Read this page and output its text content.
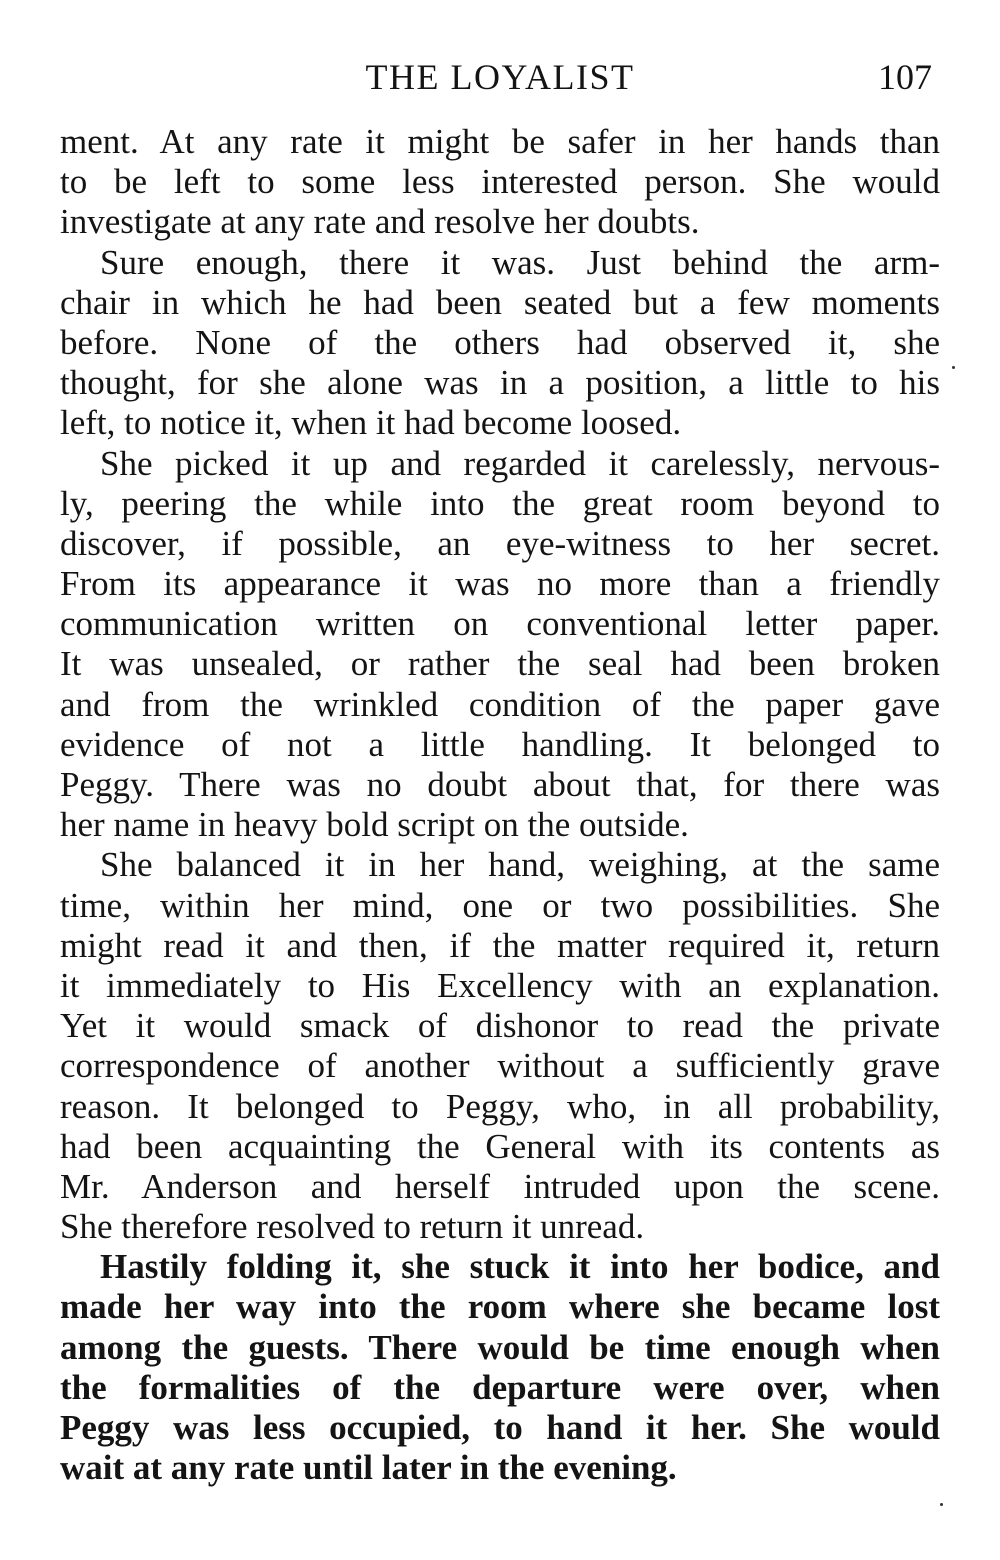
THE LOYALIST	107
ment. At any rate it might be safer in her hands than
to be left to some less interested person. She would
investigate at any rate and resolve her doubts.
Sure enough, there it was. Just behind the arm-
chair in which he had been seated but a few moments
before. None of the others had observed it, she
thought, for she alone was in a position, a little to his
left, to notice it, when it had become loosed.
She picked it up and regarded it carelessly, nervous-
ly, peering the while into the great room beyond to
discover, if possible, an eye-witness to her secret.
From its appearance it was no more than a friendly
communication written on conventional letter paper.
It was unsealed, or rather the seal had been broken
and from the wrinkled condition of the paper gave
evidence of not a little handling. It belonged to
Peggy. There was no doubt about that, for there was
her name in heavy bold script on the outside.
She balanced it in her hand, weighing, at the same
time, within her mind, one or two possibilities. She
might read it and then, if the matter required it, return
it immediately to His Excellency with an explanation.
Yet it would smack of dishonor to read the private
correspondence of another without a sufficiently grave
reason. It belonged to Peggy, who, in all probability,
had been acquainting the General with its contents as
Mr. Anderson and herself intruded upon the scene.
She therefore resolved to return it unread.
Hastily folding it, she stuck it into her bodice, and
made her way into the room where she became lost
among the guests. There would be time enough when
the formalities of the departure were over, when
Peggy was less occupied, to hand it her. She would
wait at any rate until later in the evening.
